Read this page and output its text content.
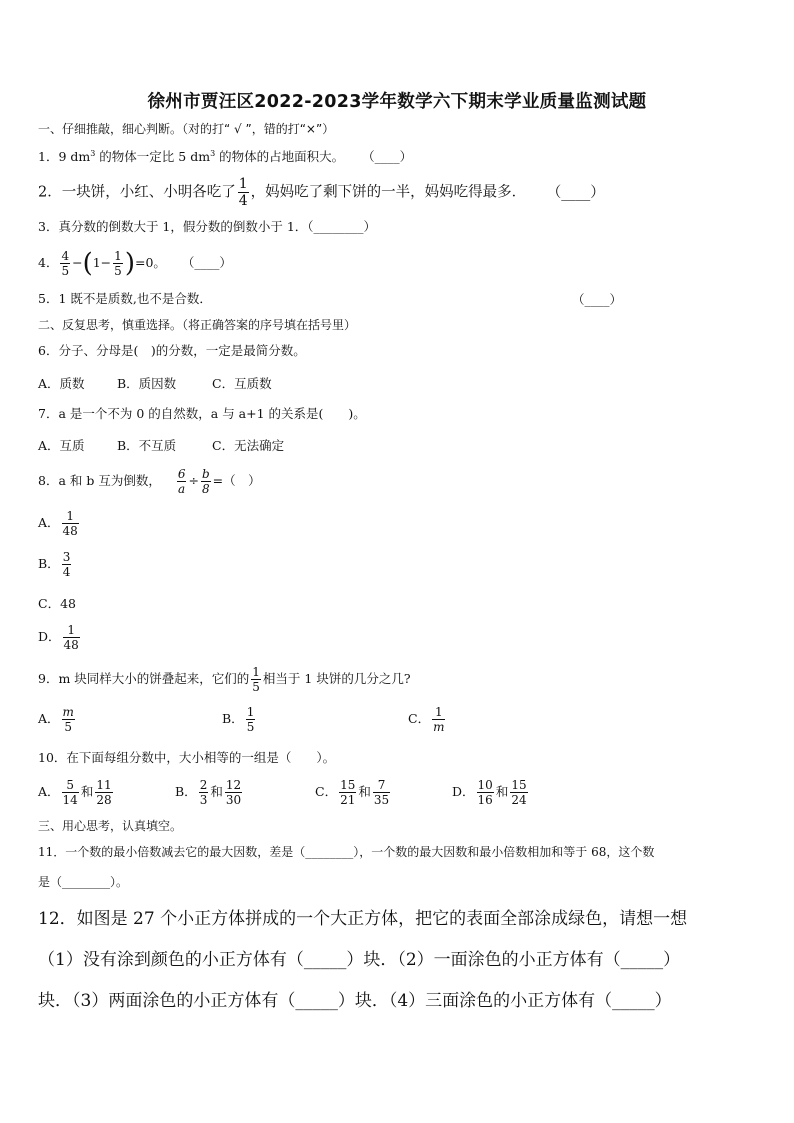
徐州市贾汪区2022-2023学年数学六下期末学业质量监测试题
一、仔细推敲，细心判断。（对的打“ √ ”，错的打“×”）
1．9 $dm^3$ 的物体一定比 5 $dm^3$ 的物体的占地面积大。 （____）
2．一块饼，小红、小明各吃了 $\frac{1}{4}$ ，妈妈吃了剩下饼的一半，妈妈吃得最多． （____）
3．真分数的倒数大于 1，假分数的倒数小于 1．（________）
4． $\frac{4}{5} -(1- \frac{1}{5} )=0$。 （____）
5．1 既不是质数,也不是合数．	（____）
二、反复思考，慎重选择。（将正确答案的序号填在括号里）
6．分子、分母是(　)的分数，一定是最简分数。
A．质数	B．质因数	C．互质数
7．a 是一个不为 0 的自然数，a 与 a+1 的关系是(　　)。
A．互质	B．不互质	C．无法确定
8．a 和 b 互为倒数， $\frac{6}{a} \div \frac{b}{8}$ =（　）
A． $\frac{1}{48}$
B． $\frac{3}{4}$
C．48
D． $\frac{1}{48}$
9．m 块同样大小的饼叠起来，它们的 $\frac{1}{5}$ 相当于 1 块饼的几分之几?
A． $\frac{m}{5}$	B． $\frac{1}{5}$	C． $\frac{1}{m}$
10．在下面每组分数中，大小相等的一组是（　　）。
A． $\frac{5}{14}$ 和 $\frac{11}{28}$	B． $\frac{2}{3}$ 和 $\frac{12}{30}$	C． $\frac{15}{21}$ 和 $\frac{7}{35}$	D． $\frac{10}{16}$ 和 $\frac{15}{24}$
三、用心思考，认真填空。
11．一个数的最小倍数减去它的最大因数，差是（________），一个数的最大因数和最小倍数相加和等于 68，这个数
是（________）。
12．如图是 27 个小正方体拼成的一个大正方体，把它的表面全部涂成绿色，请想一想
（1）没有涂到颜色的小正方体有（_____）块．（2）一面涂色的小正方体有（_____）
块．（3）两面涂色的小正方体有（_____）块．（4）三面涂色的小正方体有（_____）
